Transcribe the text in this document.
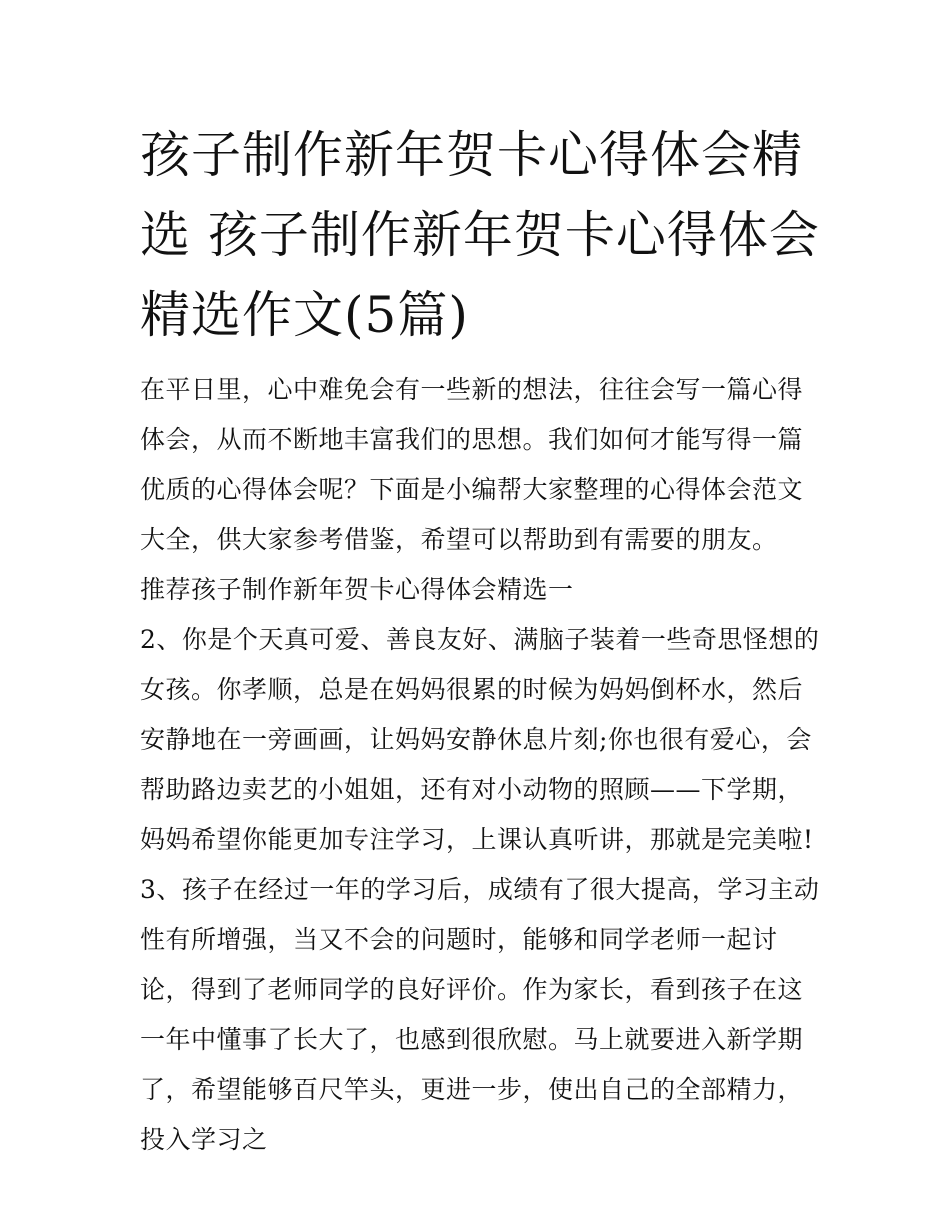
孩子制作新年贺卡心得体会精选 孩子制作新年贺卡心得体会精选作文(5篇)

在平日里，心中难免会有一些新的想法，往往会写一篇心得体会，从而不断地丰富我们的思想。我们如何才能写得一篇优质的心得体会呢？下面是小编帮大家整理的心得体会范文大全，供大家参考借鉴，希望可以帮助到有需要的朋友。

推荐孩子制作新年贺卡心得体会精选一

2、你是个天真可爱、善良友好、满脑子装着一些奇思怪想的女孩。你孝顺，总是在妈妈很累的时候为妈妈倒杯水，然后安静地在一旁画画，让妈妈安静休息片刻;你也很有爱心，会帮助路边卖艺的小姐姐，还有对小动物的照顾——下学期，妈妈希望你能更加专注学习，上课认真听讲，那就是完美啦!

3、孩子在经过一年的学习后，成绩有了很大提高，学习主动性有所增强，当又不会的问题时，能够和同学老师一起讨论，得到了老师同学的良好评价。作为家长，看到孩子在这一年中懂事了长大了，也感到很欣慰。马上就要进入新学期了，希望能够百尺竿头，更进一步，使出自己的全部精力，投入学习之
